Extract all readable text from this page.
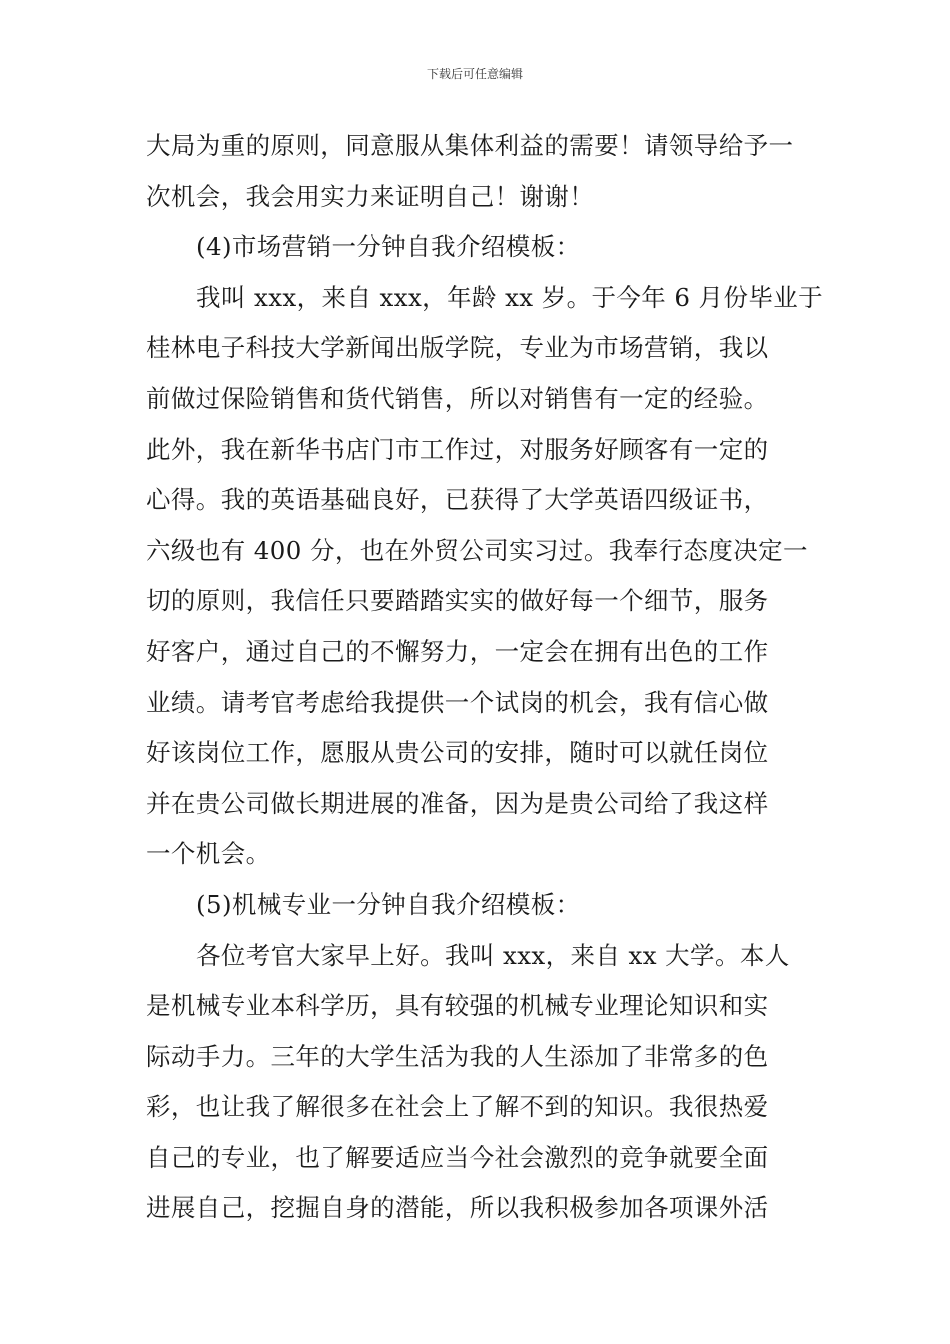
下载后可任意编辑
大局为重的原则，同意服从集体利益的需要！请领导给予一
次机会，我会用实力来证明自己！谢谢！
(4)市场营销一分钟自我介绍模板：
我叫 xxx，来自 xxx，年龄 xx 岁。于今年 6 月份毕业于
桂林电子科技大学新闻出版学院，专业为市场营销，我以
前做过保险销售和货代销售，所以对销售有一定的经验。
此外，我在新华书店门市工作过，对服务好顾客有一定的
心得。我的英语基础良好，已获得了大学英语四级证书，
六级也有 400 分，也在外贸公司实习过。我奉行态度决定一
切的原则，我信任只要踏踏实实的做好每一个细节，服务
好客户，通过自己的不懈努力，一定会在拥有出色的工作
业绩。请考官考虑给我提供一个试岗的机会，我有信心做
好该岗位工作，愿服从贵公司的安排，随时可以就任岗位
并在贵公司做长期进展的准备，因为是贵公司给了我这样
一个机会。
(5)机械专业一分钟自我介绍模板：
各位考官大家早上好。我叫 xxx，来自 xx 大学。本人
是机械专业本科学历，具有较强的机械专业理论知识和实
际动手力。三年的大学生活为我的人生添加了非常多的色
彩，也让我了解很多在社会上了解不到的知识。我很热爱
自己的专业，也了解要适应当今社会激烈的竞争就要全面
进展自己，挖掘自身的潜能，所以我积极参加各项课外活
